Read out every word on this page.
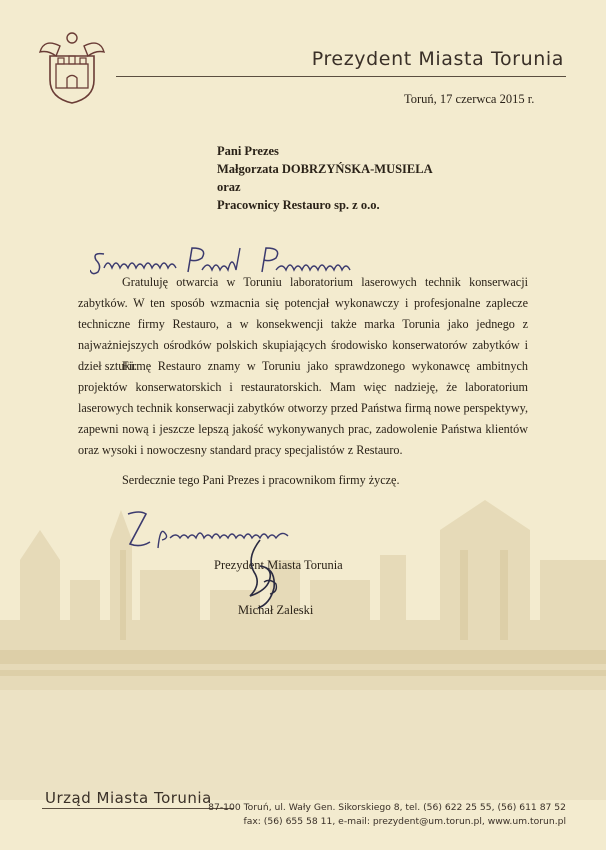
Prezydent Miasta Torunia
Toruń, 17 czerwca 2015 r.
Pani Prezes
Małgorzata DOBRZYŃSKA-MUSIELA
oraz
Pracownicy Restauro sp. z o.o.

Gratuluję otwarcia w Toruniu laboratorium laserowych technik konserwacji zabytków. W ten sposób wzmacnia się potencjał wykonawczy i profesjonalne zaplecze techniczne firmy Restauro, a w konsekwencji także marka Torunia jako jednego z najważniejszych ośrodków polskich skupiających środowisko konserwatorów zabytków i dzieł sztuki.

Firmę Restauro znamy w Toruniu jako sprawdzonego wykonawcę ambitnych projektów konserwatorskich i restauratorskich. Mam więc nadzieję, że laboratorium laserowych technik konserwacji zabytków otworzy przed Państwa firmą nowe perspektywy, zapewni nową i jeszcze lepszą jakość wykonywanych prac, zadowolenie Państwa klientów oraz wysoki i nowoczesny standard pracy specjalistów z Restauro.

Serdecznie tego Pani Prezes i pracownikom firmy życzę.

Prezydent Miasta Torunia
Michał Zaleski
Urząd Miasta Torunia
87-100 Toruń, ul. Wały Gen. Sikorskiego 8, tel. (56) 622 25 55, (56) 611 87 52
fax: (56) 655 58 11, e-mail: prezydent@um.torun.pl, www.um.torun.pl
